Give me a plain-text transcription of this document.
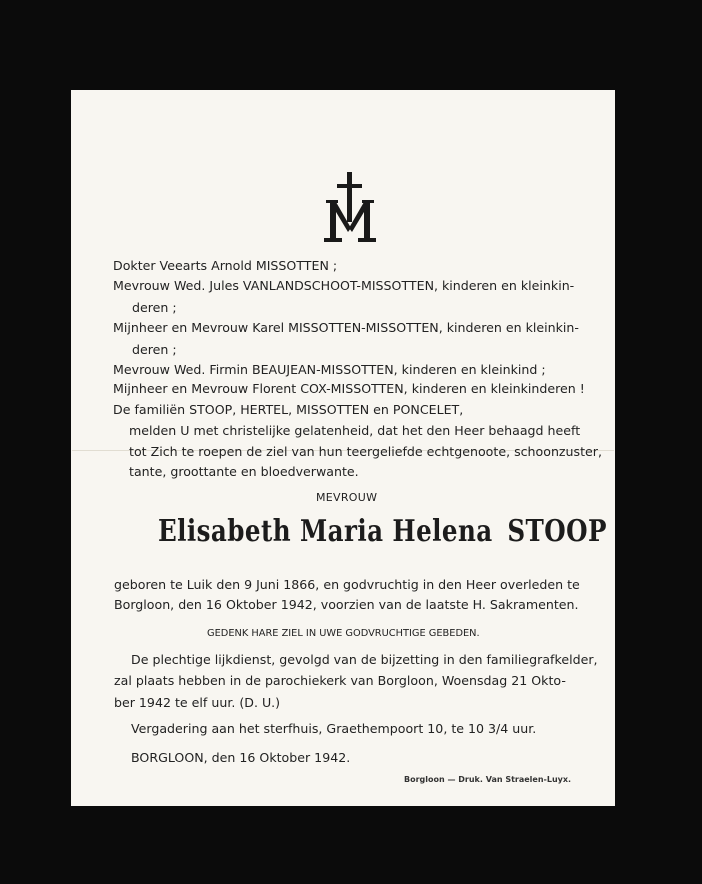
Dokter Veearts Arnold MISSOTTEN ;

Mevrouw Wed. Jules VANLANDSCHOOT-MISSOTTEN, kinderen en kleinkin-

deren ;

Mijnheer en Mevrouw Karel MISSOTTEN-MISSOTTEN, kinderen en kleinkin-

deren ;

Mevrouw Wed. Firmin BEAUJEAN-MISSOTTEN, kinderen en kleinkind ;

Mijnheer en Mevrouw Florent COX-MISSOTTEN, kinderen en kleinkinderen !

De familiën STOOP, HERTEL, MISSOTTEN en PONCELET,

melden U met christelijke gelatenheid, dat het den Heer behaagd heeft

tot Zich te roepen de ziel van hun teergeliefde echtgenoote, schoonzuster,

tante, groottante en bloedverwante.

MEVROUW

Elisabeth Maria Helena STOOP

geboren te Luik den 9 Juni 1866, en godvruchtig in den Heer overleden te

Borgloon, den 16 Oktober 1942, voorzien van de laatste H. Sakramenten.

GEDENK HARE ZIEL IN UWE GODVRUCHTIGE GEBEDEN.

De plechtige lijkdienst, gevolgd van de bijzetting in den familiegrafkelder,

zal plaats hebben in de parochiekerk van Borgloon, Woensdag 21 Okto-

ber 1942 te elf uur. (D. U.)

Vergadering aan het sterfhuis, Graethempoort 10, te 10 3/4 uur.

BORGLOON, den 16 Oktober 1942.

Borgloon — Druk. Van Straelen-Luyx.
